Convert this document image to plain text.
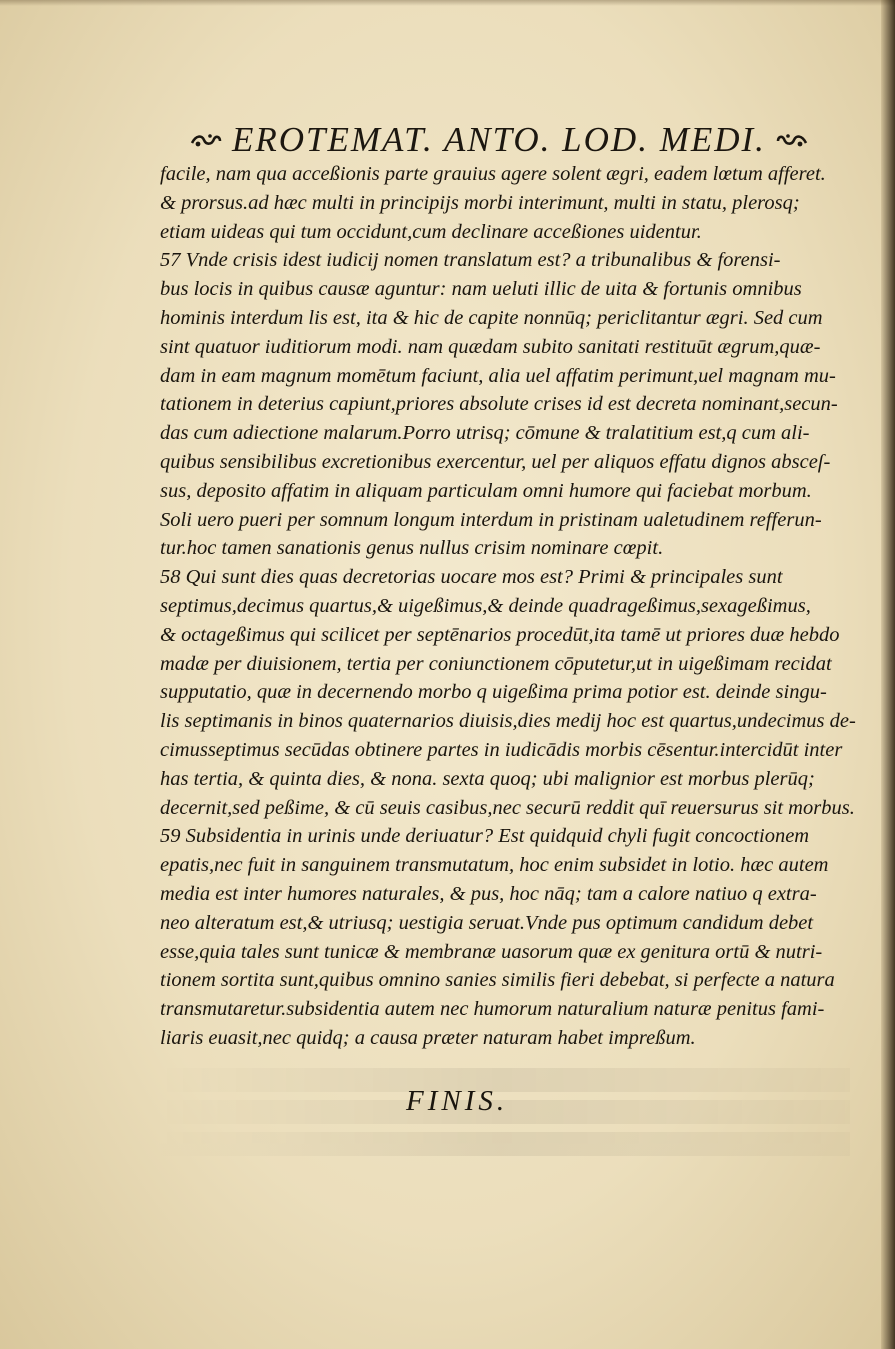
EROTEMAT. ANTO. LOD. MEDI.
facile, nam qua acceßionis parte grauius agere solent ægri, eadem lœtum afferet.
& prorsus.ad hæc multi in principijs morbi interimunt, multi in statu, plerosq;
etiam uideas qui tum occidunt,cum declinare acceßiones uidentur.
57 Vnde crisis idest iudicij nomen translatum est? a tribunalibus & forensi-
bus locis in quibus causæ aguntur: nam ueluti illic de uita & fortunis omnibus
hominis interdum lis est, ita & hic de capite nonnūq; periclitantur ægri. Sed cum
sint quatuor iuditiorum modi. nam quædam subito sanitati restituūt ægrum,quæ-
dam in eam magnum momētum faciunt, alia uel affatim perimunt,uel magnam mu-
tationem in deterius capiunt,priores absolute crises id est decreta nominant,secun-
das cum adiectione malarum.Porro utrisq; cōmune & tralatitium est,q cum ali-
quibus sensibilibus excretionibus exercentur, uel per aliquos effatu dignos absceſ-
sus, deposito affatim in aliquam particulam omni humore qui faciebat morbum.
Soli uero pueri per somnum longum interdum in pristinam ualetudinem refferun-
tur.hoc tamen sanationis genus nullus crisim nominare cœpit.
58 Qui sunt dies quas decretorias uocare mos est? Primi & principales sunt
septimus,decimus quartus,& uigeßimus,& deinde quadrageßimus,sexageßimus,
& octageßimus qui scilicet per septēnarios procedūt,ita tamē ut priores duæ hebdo
madæ per diuisionem, tertia per coniunctionem cōputetur,ut in uigeßimam recidat
supputatio, quæ in decernendo morbo q uigeßima prima potior est. deinde singu-
lis septimanis in binos quaternarios diuisis,dies medij hoc est quartus,undecimus de-
cimusseptimus secūdas obtinere partes in iudicādis morbis cēsentur.intercidūt inter
has tertia, & quinta dies, & nona. sexta quoq; ubi malignior est morbus plerūq;
decernit,sed peßime, & cū seuis casibus,nec securū reddit quī reuersurus sit morbus.
59 Subsidentia in urinis unde deriuatur? Est quidquid chyli fugit concoctionem
epatis,nec fuit in sanguinem transmutatum, hoc enim subsidet in lotio. hæc autem
media est inter humores naturales, & pus, hoc nāq; tam a calore natiuo q extra-
neo alteratum est,& utriusq; uestigia seruat.Vnde pus optimum candidum debet
esse,quia tales sunt tunicæ & membranæ uasorum quæ ex genitura ortū & nutri-
tionem sortita sunt,quibus omnino sanies similis fieri debebat, si perfecte a natura
transmutaretur.subsidentia autem nec humorum naturalium naturæ penitus fami-
liaris euasit,nec quidq; a causa præter naturam habet impreßum.
FINIS.
